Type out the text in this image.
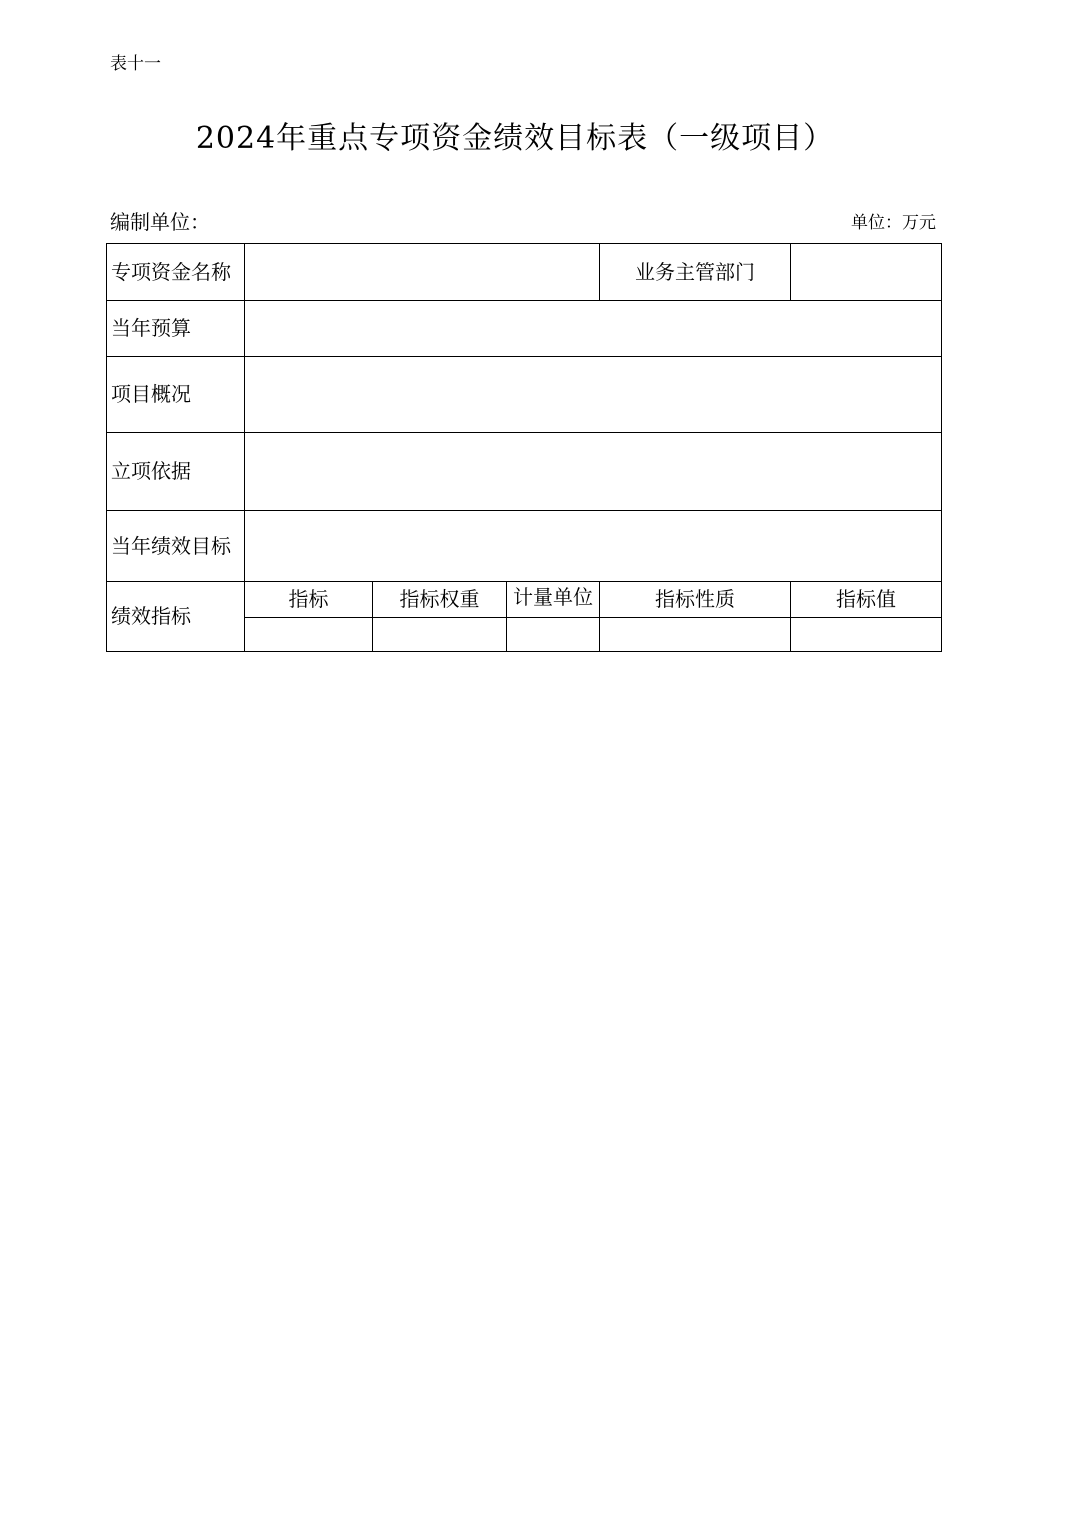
表十一
2024年重点专项资金绩效目标表（一级项目）
编制单位：	单位：万元
专项资金名称				业务主管部门	
当年预算					
项目概况					
立项依据					
当年绩效目标					
绩效指标	指标	指标权重	计量单位	指标性质	指标值
